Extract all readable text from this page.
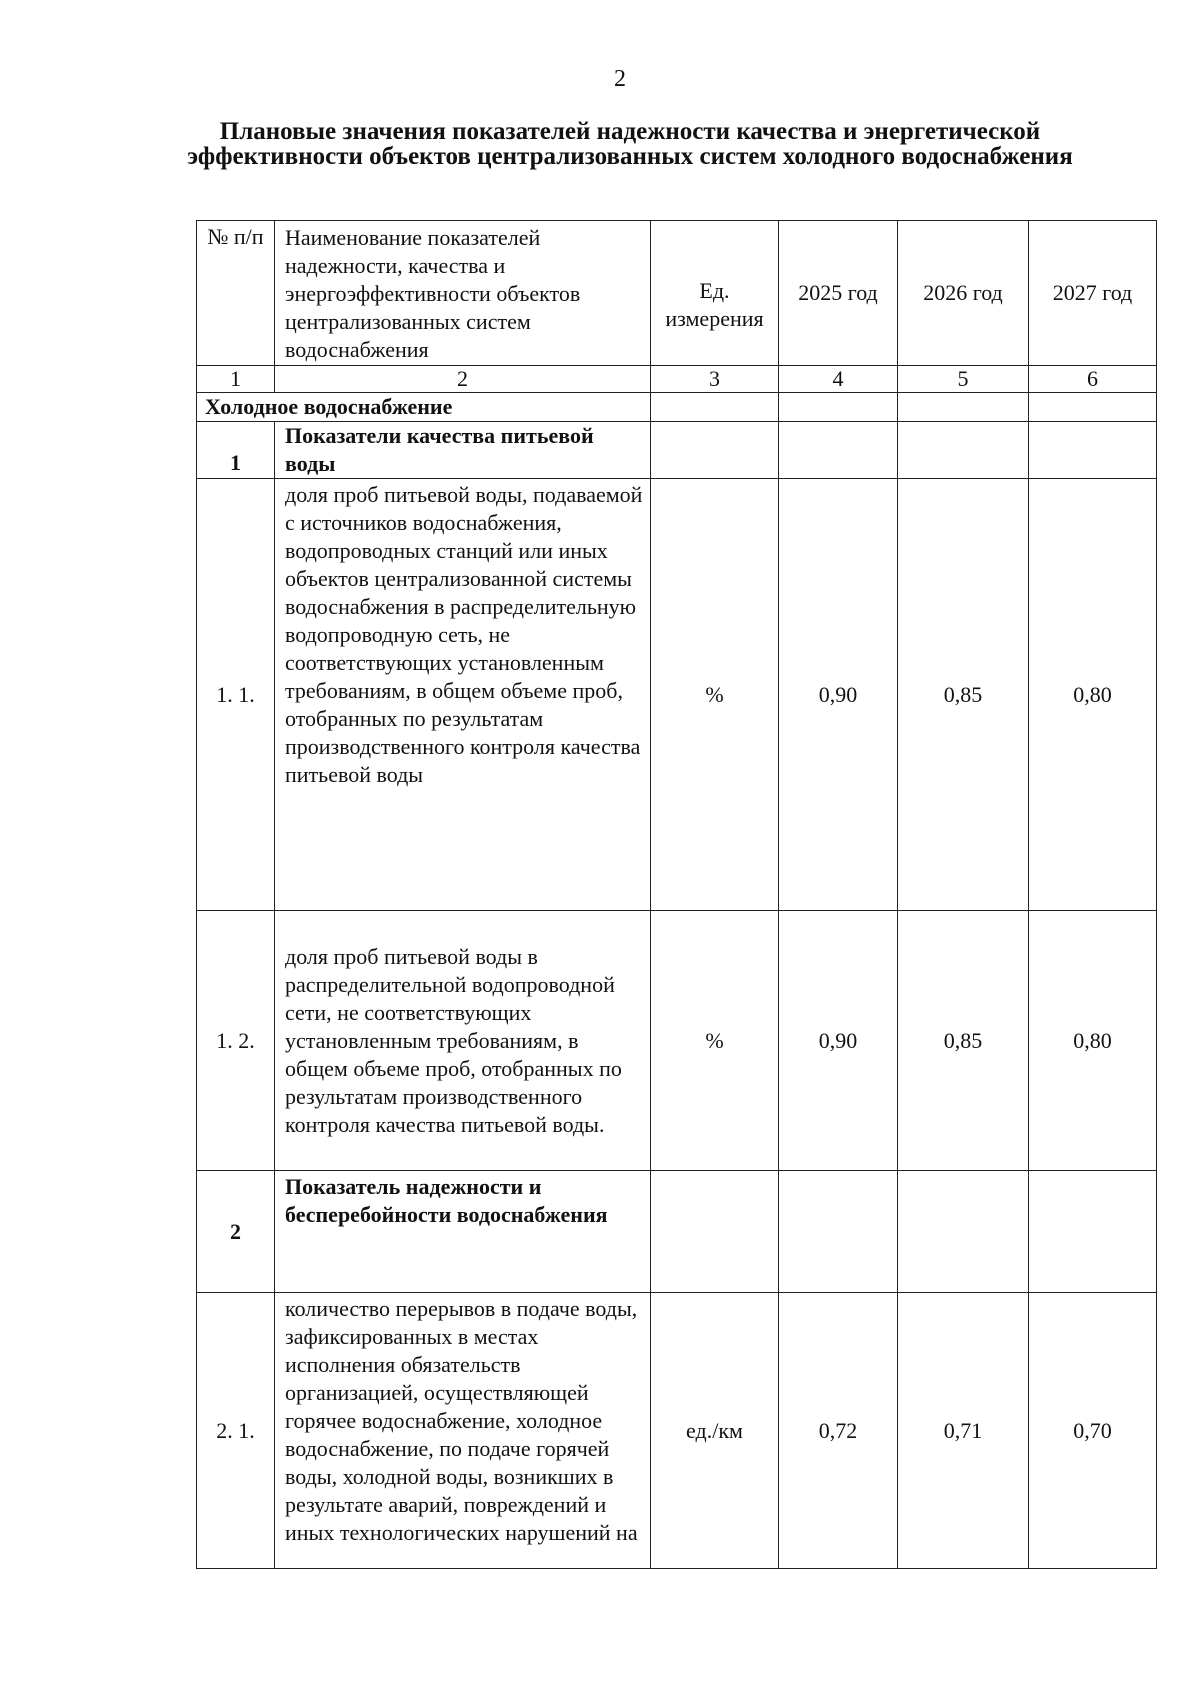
2
Плановые значения показателей надежности качества и энергетической эффективности объектов централизованных систем холодного водоснабжения
№ п/п	Наименование показателей надежности, качества и энергоэффективности объектов централизованных систем водоснабжения	Ед. измерения	2025 год	2026 год	2027 год
1	2	3	4	5	6
Холодное водоснабжение					
1	Показатели качества питьевой воды				
1. 1.	доля проб питьевой воды, подаваемой с источников водоснабжения, водопроводных станций или иных объектов централизованной системы водоснабжения в распределительную водопроводную сеть, не соответствующих установленным требованиям, в общем объеме проб, отобранных по результатам производственного контроля качества питьевой воды	%	0,90	0,85	0,80
1. 2.	доля проб питьевой воды в распределительной водопроводной сети, не соответствующих установленным требованиям, в общем объеме проб, отобранных по результатам производственного контроля качества питьевой воды.	%	0,90	0,85	0,80
2	Показатель надежности и бесперебойности водоснабжения				
2. 1.	количество перерывов в подаче воды, зафиксированных в местах исполнения обязательств организацией, осуществляющей горячее водоснабжение, холодное водоснабжение, по подаче горячей воды, холодной воды, возникших в результате аварий, повреждений и иных технологических нарушений на	ед./км	0,72	0,71	0,70
